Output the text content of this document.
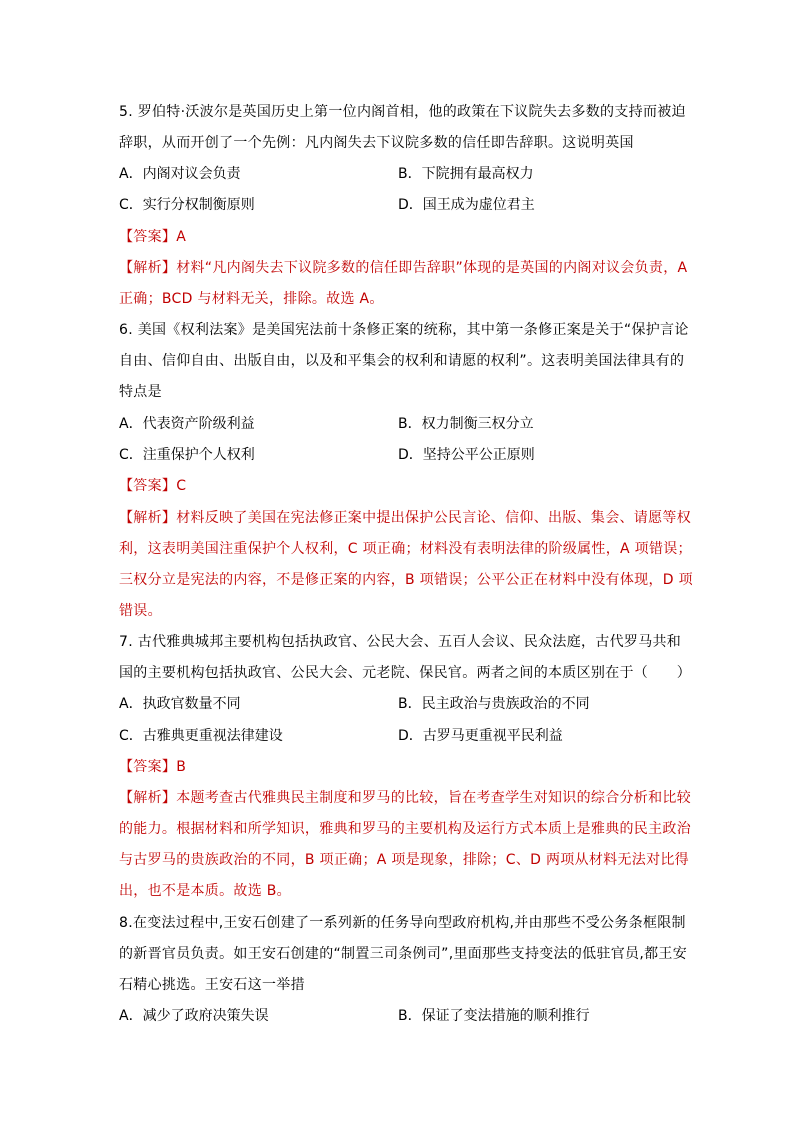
5. 罗伯特·沃波尔是英国历史上第一位内阁首相，他的政策在下议院失去多数的支持而被迫
辞职，从而开创了一个先例：凡内阁失去下议院多数的信任即告辞职。这说明英国
A．内阁对议会负责	B．下院拥有最高权力
C．实行分权制衡原则	D．国王成为虚位君主
【答案】A
【解析】材料“凡内阁失去下议院多数的信任即告辞职”体现的是英国的内阁对议会负责，A
正确；BCD 与材料无关，排除。故选 A。
6. 美国《权利法案》是美国宪法前十条修正案的统称，其中第一条修正案是关于“保护言论
自由、信仰自由、出版自由，以及和平集会的权利和请愿的权利”。这表明美国法律具有的
特点是
A．代表资产阶级利益	B．权力制衡三权分立
C．注重保护个人权利	D．坚持公平公正原则
【答案】C
【解析】材料反映了美国在宪法修正案中提出保护公民言论、信仰、出版、集会、请愿等权
利，这表明美国注重保护个人权利，C 项正确；材料没有表明法律的阶级属性，A 项错误；
三权分立是宪法的内容，不是修正案的内容，B 项错误；公平公正在材料中没有体现，D 项
错误。
7. 古代雅典城邦主要机构包括执政官、公民大会、五百人会议、民众法庭，古代罗马共和
国的主要机构包括执政官、公民大会、元老院、保民官。两者之间的本质区别在于（　　）
A．执政官数量不同	B．民主政治与贵族政治的不同
C．古雅典更重视法律建设	D．古罗马更重视平民利益
【答案】B
【解析】本题考查古代雅典民主制度和罗马的比较，旨在考查学生对知识的综合分析和比较
的能力。根据材料和所学知识，雅典和罗马的主要机构及运行方式本质上是雅典的民主政治
与古罗马的贵族政治的不同，B 项正确；A 项是现象，排除；C、D 两项从材料无法对比得
出，也不是本质。故选 B。
8.在变法过程中,王安石创建了一系列新的任务导向型政府机构,并由那些不受公务条框限制
的新晋官员负责。如王安石创建的“制置三司条例司”,里面那些支持变法的低驻官员,都王安
石精心挑选。王安石这一举措
A．减少了政府决策失误	B．保证了变法措施的顺利推行
